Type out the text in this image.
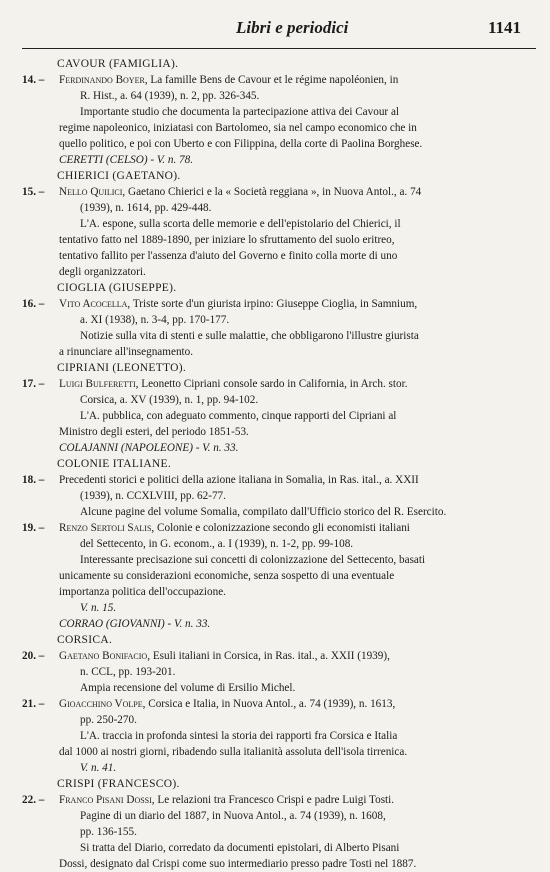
Libri e periodici	1141
CAVOUR (FAMIGLIA).
14. – Ferdinando Boyer, La famille Bens de Cavour et le régime napoléonien, in
R. Hist., a. 64 (1939), n. 2, pp. 326-345.
Importante studio che documenta la partecipazione attiva dei Cavour al
regime napoleonico, iniziatasi con Bartolomeo, sia nel campo economico che in
quello politico, e poi con Uberto e con Filippina, della corte di Paolina Borghese.
CERETTI (CELSO) - V. n. 78.
CHIERICI (GAETANO).
15. – Nello Quilici, Gaetano Chierici e la « Società reggiana », in Nuova Antol., a. 74
(1939), n. 1614, pp. 429-448.
L'A. espone, sulla scorta delle memorie e dell'epistolario del Chierici, il
tentativo fatto nel 1889-1890, per iniziare lo sfruttamento del suolo eritreo,
tentativo fallito per l'assenza d'aiuto del Governo e finito colla morte di uno
degli organizzatori.
CIOGLIA (GIUSEPPE).
16. – Vito Acocella, Triste sorte d'un giurista irpino: Giuseppe Cioglia, in Samnium,
a. XI (1938), n. 3-4, pp. 170-177.
Notizie sulla vita di stenti e sulle malattie, che obbligarono l'illustre giurista
a rinunciare all'insegnamento.
CIPRIANI (LEONETTO).
17. – Luigi Bulferetti, Leonetto Cipriani console sardo in California, in Arch. stor.
Corsica, a. XV (1939), n. 1, pp. 94-102.
L'A. pubblica, con adeguato commento, cinque rapporti del Cipriani al
Ministro degli esteri, del periodo 1851-53.
COLAJANNI (NAPOLEONE) - V. n. 33.
COLONIE ITALIANE.
18. – Precedenti storici e politici della azione italiana in Somalia, in Ras. ital., a. XXII
(1939), n. CCXLVIII, pp. 62-77.
Alcune pagine del volume Somalia, compilato dall'Ufficio storico del R. Esercito.
19. – Renzo Sertoli Salis, Colonie e colonizzazione secondo gli economisti italiani
del Settecento, in G. econom., a. I (1939), n. 1-2, pp. 99-108.
Interessante precisazione sui concetti di colonizzazione del Settecento, basati
unicamente su considerazioni economiche, senza sospetto di una eventuale
importanza politica dell'occupazione.
V. n. 15.
CORRAO (GIOVANNI) - V. n. 33.
CORSICA.
20. – Gaetano Bonifacio, Esuli italiani in Corsica, in Ras. ital., a. XXII (1939),
n. CCL, pp. 193-201.
Ampia recensione del volume di Ersilio Michel.
21. – Gioacchino Volpe, Corsica e Italia, in Nuova Antol., a. 74 (1939), n. 1613,
pp. 250-270.
L'A. traccia in profonda sintesi la storia dei rapporti fra Corsica e Italia
dal 1000 ai nostri giorni, ribadendo sulla italianità assoluta dell'isola tirrenica.
V. n. 41.
CRISPI (FRANCESCO).
22. – Franco Pisani Dossi, Le relazioni tra Francesco Crispi e padre Luigi Tosti.
Pagine di un diario del 1887, in Nuova Antol., a. 74 (1939), n. 1608,
pp. 136-155.
Si tratta del Diario, corredato da documenti epistolari, di Alberto Pisani
Dossi, designato dal Crispi come suo intermediario presso padre Tosti nel 1887.
